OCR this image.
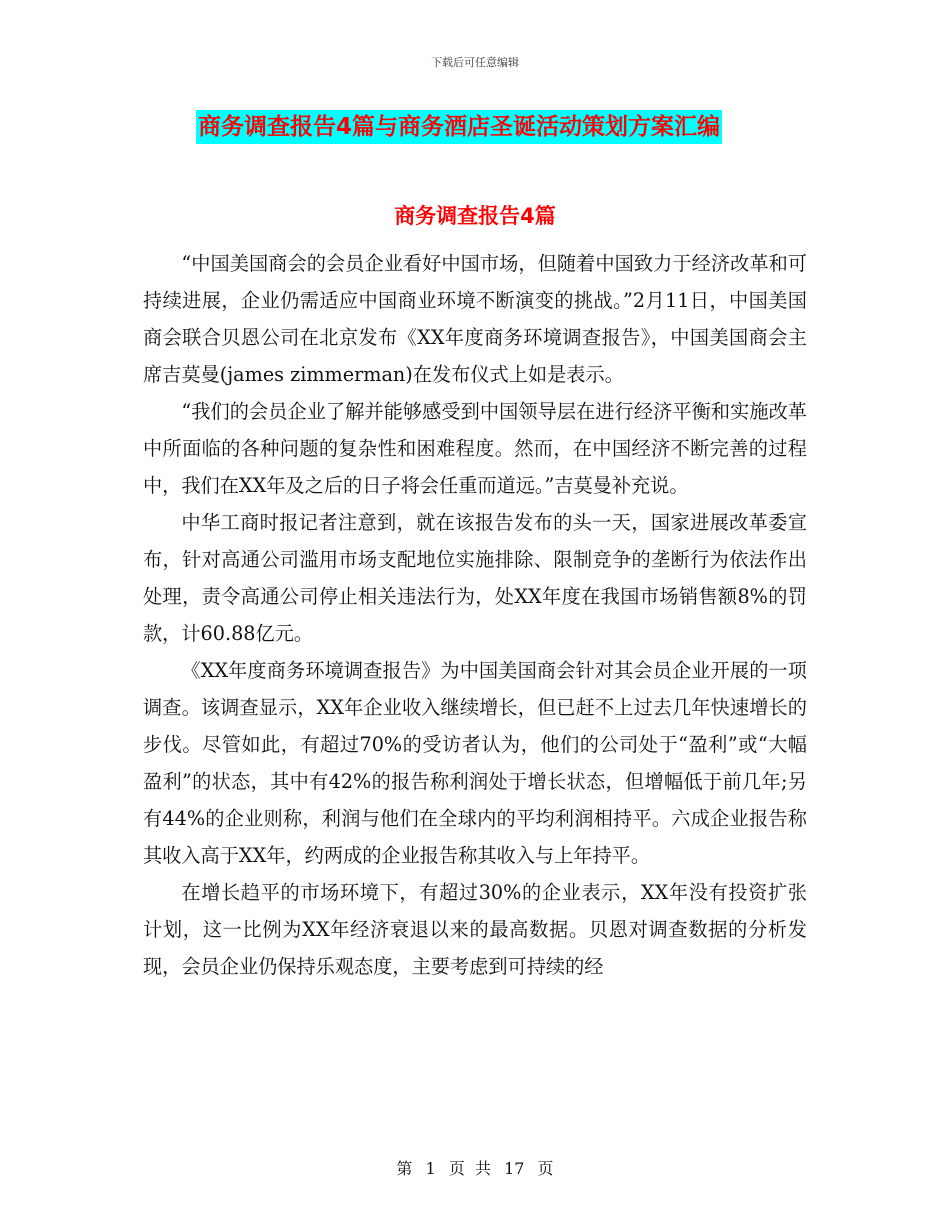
下载后可任意编辑
商务调查报告4篇与商务酒店圣诞活动策划方案汇编
商务调查报告4篇

“中国美国商会的会员企业看好中国市场，但随着中国致力于经济改革和可持续进展，企业仍需适应中国商业环境不断演变的挑战。”2月11日，中国美国商会联合贝恩公司在北京发布《XX年度商务环境调查报告》，中国美国商会主席吉莫曼(james zimmerman)在发布仪式上如是表示。

“我们的会员企业了解并能够感受到中国领导层在进行经济平衡和实施改革中所面临的各种问题的复杂性和困难程度。然而，在中国经济不断完善的过程中，我们在XX年及之后的日子将会任重而道远。”吉莫曼补充说。

中华工商时报记者注意到，就在该报告发布的头一天，国家进展改革委宣布，针对高通公司滥用市场支配地位实施排除、限制竞争的垄断行为依法作出处理，责令高通公司停止相关违法行为，处XX年度在我国市场销售额8%的罚款，计60.88亿元。

《XX年度商务环境调查报告》为中国美国商会针对其会员企业开展的一项调查。该调查显示，XX年企业收入继续增长，但已赶不上过去几年快速增长的步伐。尽管如此，有超过70%的受访者认为，他们的公司处于“盈利”或“大幅盈利”的状态，其中有42%的报告称利润处于增长状态，但增幅低于前几年;另有44%的企业则称，利润与他们在全球内的平均利润相持平。六成企业报告称其收入高于XX年，约两成的企业报告称其收入与上年持平。

在增长趋平的市场环境下，有超过30%的企业表示，XX年没有投资扩张计划，这一比例为XX年经济衰退以来的最高数据。贝恩对调查数据的分析发现，会员企业仍保持乐观态度，主要考虑到可持续的经

第 1 页  共 17 页
